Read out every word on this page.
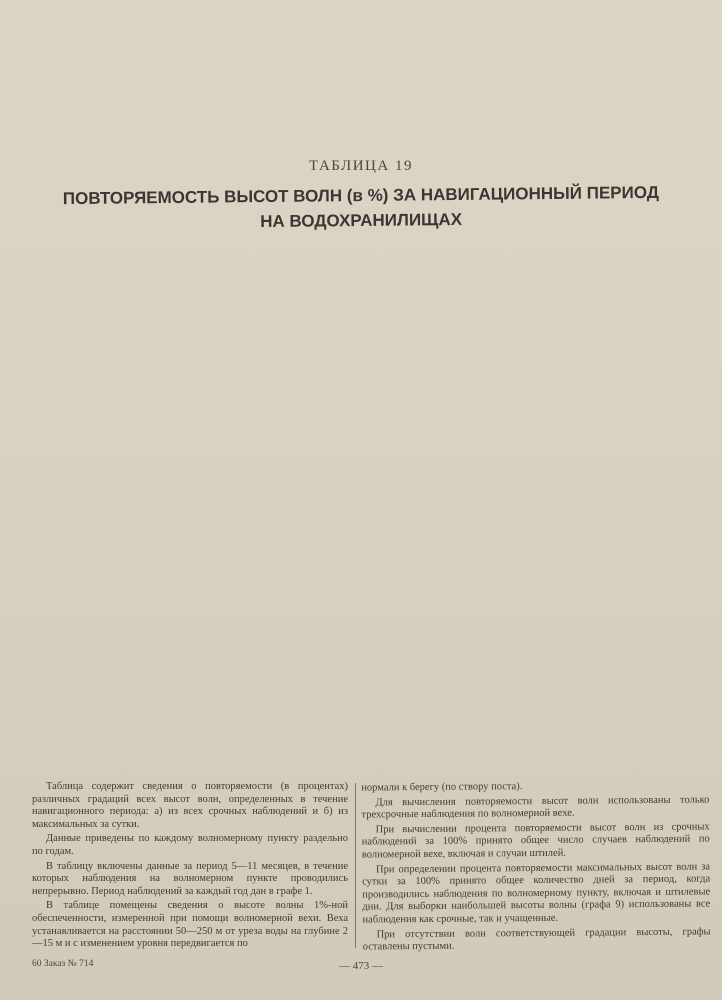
ТАБЛИЦА 19
ПОВТОРЯЕМОСТЬ ВЫСОТ ВОЛН (в %) ЗА НАВИГАЦИОННЫЙ ПЕРИОД
НА ВОДОХРАНИЛИЩАХ

Таблица содержит сведения о повторяемости (в процентах) различных градаций всех высот волн, определенных в течение навигационного периода: а) из всех срочных наблюдений и б) из максимальных за сутки.

Данные приведены по каждому волномерному пункту раздельно по годам.

В таблицу включены данные за период 5—11 месяцев, в течение которых наблюдения на волномерном пункте проводились непрерывно. Период наблюдений за каждый год дан в графе 1.

В таблице помещены сведения о высоте волны 1%-ной обеспеченности, измеренной при помощи волномерной вехи. Веха устанавливается на расстоянии 50—250 м от уреза воды на глубине 2—15 м и с изменением уровня передвигается по

нормали к берегу (по створу поста).

Для вычисления повторяемости высот волн использованы только трехсрочные наблюдения по волномерной вехе.

При вычислении процента повторяемости высот волн из срочных наблюдений за 100% принято общее число случаев наблюдений по волномерной вехе, включая и случаи штилей.

При определении процента повторяемости максимальных высот волн за сутки за 100% принято общее количество дней за период, когда производились наблюдения по волномерному пункту, включая и штилевые дни. Для выборки наибольшей высоты волны (графа 9) использованы все наблюдения как срочные, так и учащенные.

При отсутствии волн соответствующей градации высоты, графы оставлены пустыми.

60 Заказ № 714	— 473 —
